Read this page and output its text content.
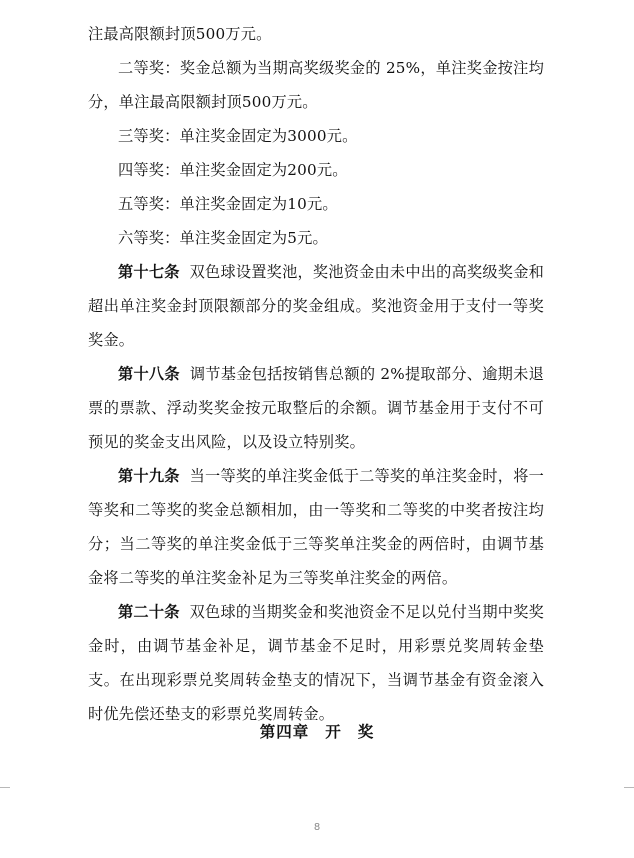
注最高限额封顶500万元。

二等奖：奖金总额为当期高奖级奖金的 25%，单注奖金按注均分，单注最高限额封顶500万元。

三等奖：单注奖金固定为3000元。

四等奖：单注奖金固定为200元。

五等奖：单注奖金固定为10元。

六等奖：单注奖金固定为5元。

第十七条 双色球设置奖池，奖池资金由未中出的高奖级奖金和超出单注奖金封顶限额部分的奖金组成。奖池资金用于支付一等奖奖金。

第十八条 调节基金包括按销售总额的 2%提取部分、逾期未退票的票款、浮动奖奖金按元取整后的余额。调节基金用于支付不可预见的奖金支出风险，以及设立特别奖。

第十九条 当一等奖的单注奖金低于二等奖的单注奖金时，将一等奖和二等奖的奖金总额相加，由一等奖和二等奖的中奖者按注均分；当二等奖的单注奖金低于三等奖单注奖金的两倍时，由调节基金将二等奖的单注奖金补足为三等奖单注奖金的两倍。

第二十条 双色球的当期奖金和奖池资金不足以兑付当期中奖奖金时，由调节基金补足，调节基金不足时，用彩票兑奖周转金垫支。在出现彩票兑奖周转金垫支的情况下，当调节基金有资金滚入时优先偿还垫支的彩票兑奖周转金。

第四章 开 奖
8
